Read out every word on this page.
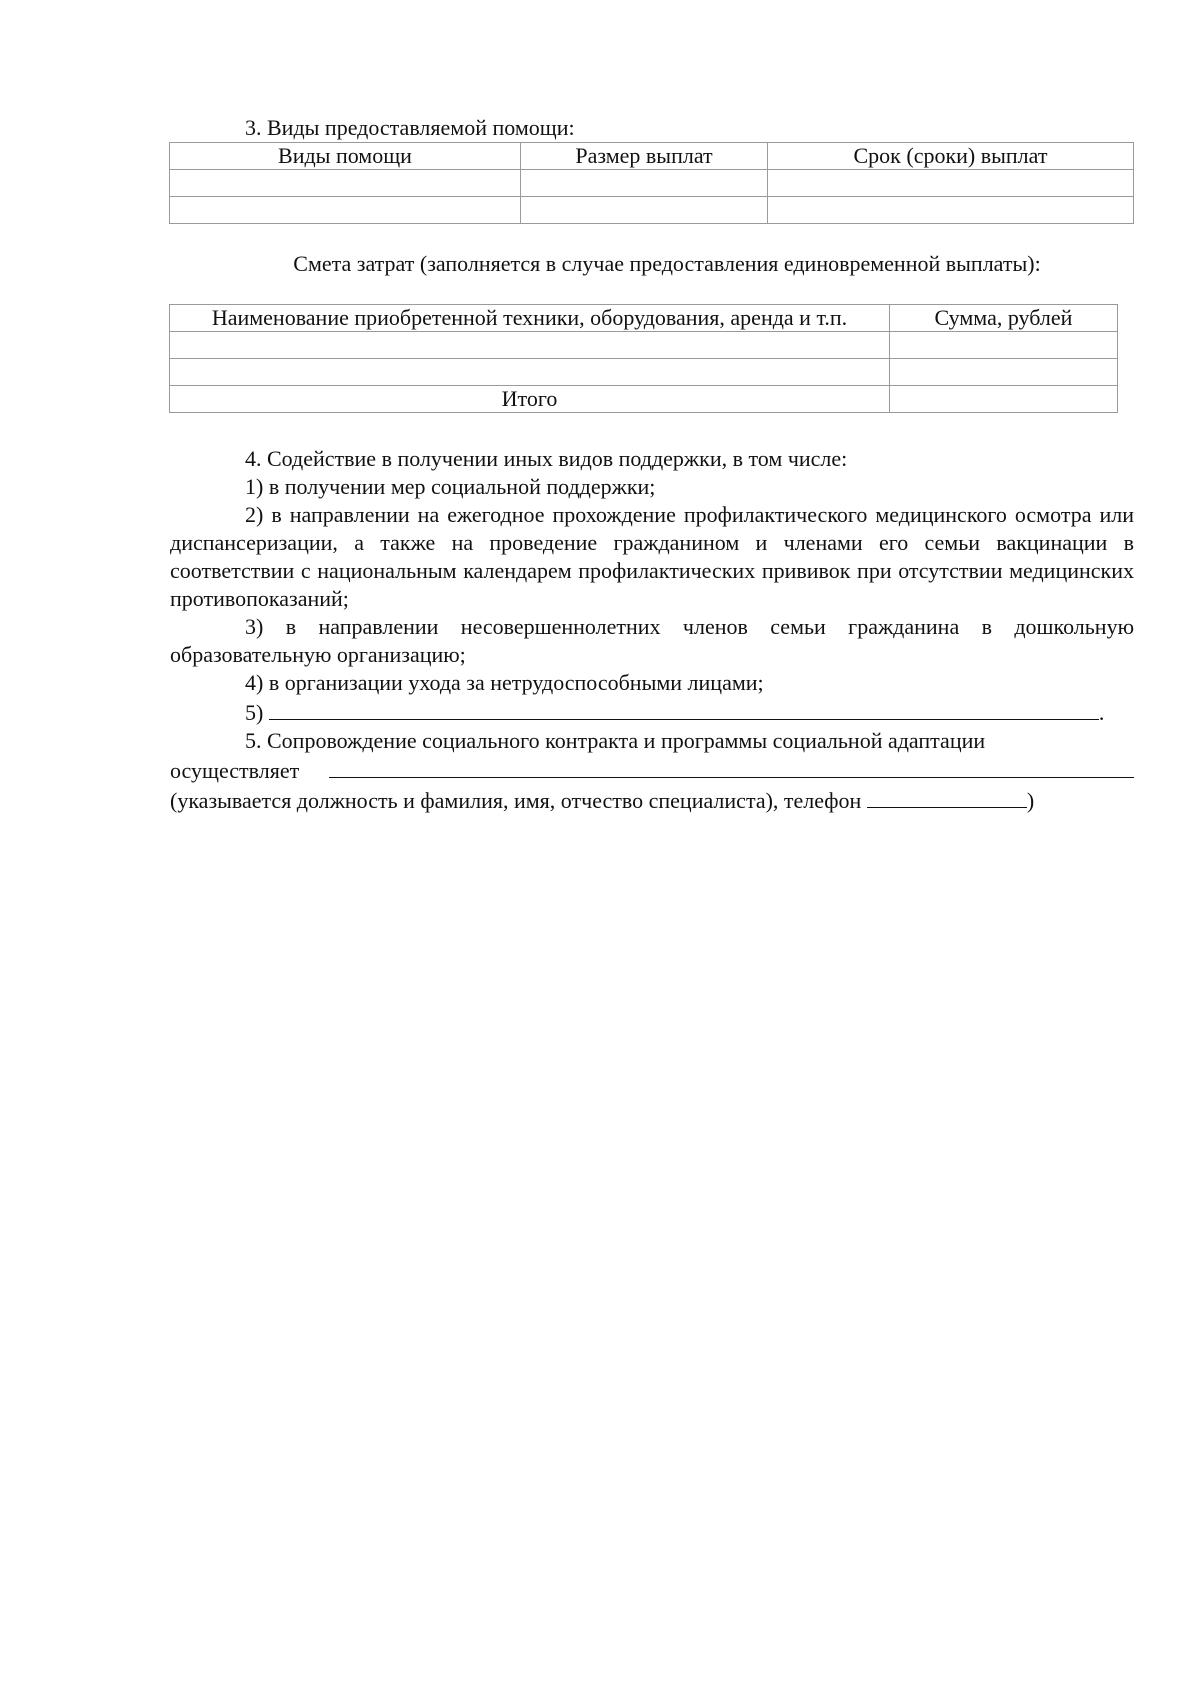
3. Виды предоставляемой помощи:
Виды помощи	Размер выплат	Срок (сроки) выплат

Смета затрат (заполняется в случае предоставления единовременной выплаты):
Наименование приобретенной техники, оборудования, аренда и т.п.	Сумма, рублей

Итого	

4. Содействие в получении иных видов поддержки, в том числе:

1) в получении мер социальной поддержки;

2) в направлении на ежегодное прохождение профилактического медицинского осмотра или диспансеризации, а также на проведение гражданином и членами его семьи вакцинации в соответствии с национальным календарем профилактических прививок при отсутствии медицинских противопоказаний;

3) в направлении несовершеннолетних членов семьи гражданина в дошкольную образовательную организацию;

4) в организации ухода за нетрудоспособными лицами;

5)	.

5. Сопровождение социального контракта и программы социальной адаптации

осуществляет
(указывается должность и фамилия, имя, отчество специалиста), телефон	)
